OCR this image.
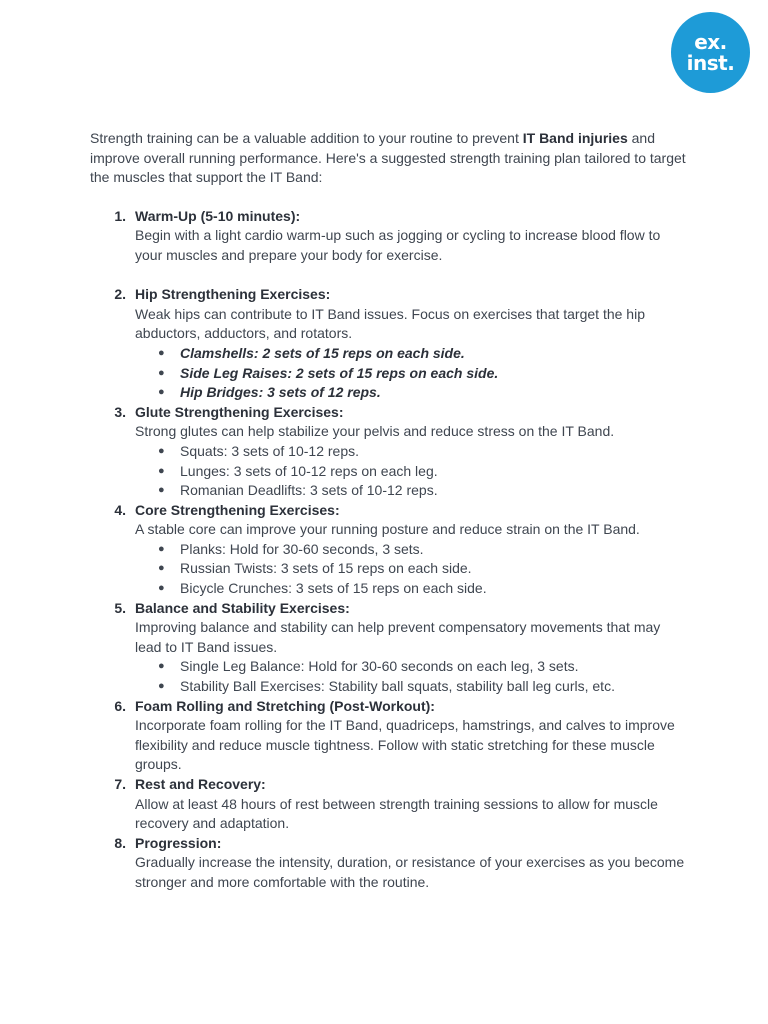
ex.
inst.

Strength training can be a valuable addition to your routine to prevent IT Band injuries and improve overall running performance. Here's a suggested strength training plan tailored to target the muscles that support the IT Band:

1. Warm-Up (5-10 minutes):
Begin with a light cardio warm-up such as jogging or cycling to increase blood flow to your muscles and prepare your body for exercise.
2. Hip Strengthening Exercises:
Weak hips can contribute to IT Band issues. Focus on exercises that target the hip abductors, adductors, and rotators.
● Clamshells: 2 sets of 15 reps on each side.
● Side Leg Raises: 2 sets of 15 reps on each side.
● Hip Bridges: 3 sets of 12 reps.
3. Glute Strengthening Exercises:
Strong glutes can help stabilize your pelvis and reduce stress on the IT Band.
● Squats: 3 sets of 10-12 reps.
● Lunges: 3 sets of 10-12 reps on each leg.
● Romanian Deadlifts: 3 sets of 10-12 reps.
4. Core Strengthening Exercises:
A stable core can improve your running posture and reduce strain on the IT Band.
● Planks: Hold for 30-60 seconds, 3 sets.
● Russian Twists: 3 sets of 15 reps on each side.
● Bicycle Crunches: 3 sets of 15 reps on each side.
5. Balance and Stability Exercises:
Improving balance and stability can help prevent compensatory movements that may lead to IT Band issues.
● Single Leg Balance: Hold for 30-60 seconds on each leg, 3 sets.
● Stability Ball Exercises: Stability ball squats, stability ball leg curls, etc.
6. Foam Rolling and Stretching (Post-Workout):
Incorporate foam rolling for the IT Band, quadriceps, hamstrings, and calves to improve flexibility and reduce muscle tightness. Follow with static stretching for these muscle groups.
7. Rest and Recovery:
Allow at least 48 hours of rest between strength training sessions to allow for muscle recovery and adaptation.
8. Progression:
Gradually increase the intensity, duration, or resistance of your exercises as you become stronger and more comfortable with the routine.
